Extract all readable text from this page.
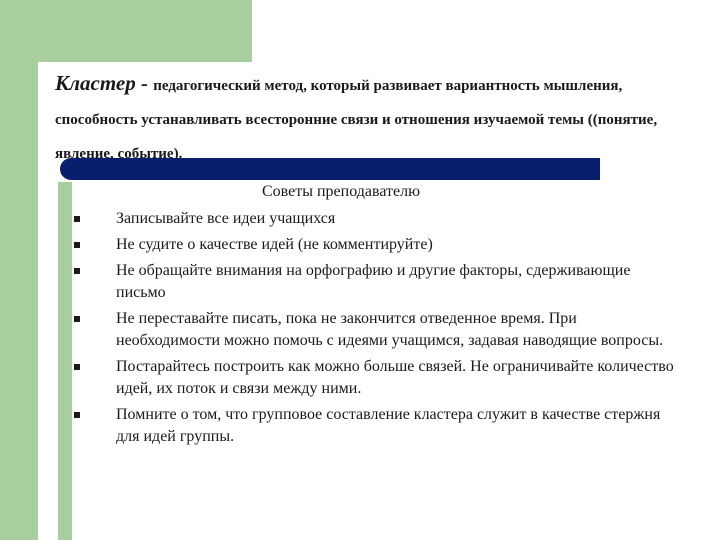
Кластер - педагогический метод, который развивает вариантность мышления, способность устанавливать всесторонние связи и отношения изучаемой темы ((понятие, явление, событие).
Советы преподавателю
Записывайте все идеи учащихся
Не судите о качестве идей (не комментируйте)
Не обращайте внимания на орфографию и другие факторы, сдерживающие письмо
Не переставайте писать, пока не закончится отведенное время. При необходимости можно помочь с идеями учащимся, задавая наводящие вопросы.
Постарайтесь построить как можно больше связей. Не ограничивайте количество идей, их поток и связи между ними.
Помните о том, что групповое составление кластера служит в качестве стержня для идей группы.
